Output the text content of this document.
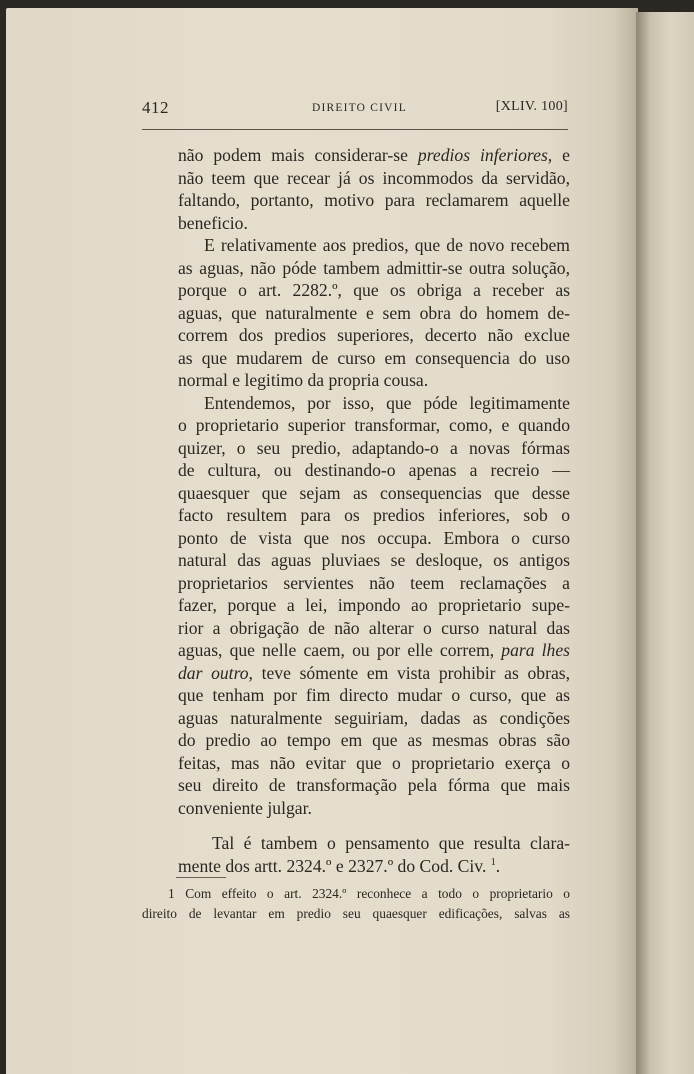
412	DIREITO CIVIL	[XLIV. 100]
não podem mais considerar-se predios inferiores, e
não teem que recear já os incommodos da servidão,
faltando, portanto, motivo para reclamarem aquelle
beneficio.
E relativamente aos predios, que de novo recebem
as aguas, não póde tambem admittir-se outra solução,
porque o art. 2282.º, que os obriga a receber as
aguas, que naturalmente e sem obra do homem de-
correm dos predios superiores, decerto não exclue
as que mudarem de curso em consequencia do uso
normal e legitimo da propria cousa.
Entendemos, por isso, que póde legitimamente
o proprietario superior transformar, como, e quando
quizer, o seu predio, adaptando-o a novas fórmas
de cultura, ou destinando-o apenas a recreio —
quaesquer que sejam as consequencias que desse
facto resultem para os predios inferiores, sob o
ponto de vista que nos occupa. Embora o curso
natural das aguas pluviaes se desloque, os antigos
proprietarios servientes não teem reclamações a
fazer, porque a lei, impondo ao proprietario supe-
rior a obrigação de não alterar o curso natural das
aguas, que nelle caem, ou por elle correm, para lhes
dar outro, teve sómente em vista prohibir as obras,
que tenham por fim directo mudar o curso, que as
aguas naturalmente seguiriam, dadas as condições
do predio ao tempo em que as mesmas obras são
feitas, mas não evitar que o proprietario exerça o
seu direito de transformação pela fórma que mais
conveniente julgar.
Tal é tambem o pensamento que resulta clara-
mente dos artt. 2324.º e 2327.º do Cod. Civ. $^1$.
1 Com effeito o art. 2324.º reconhece a todo o proprietario o
direito de levantar em predio seu quaesquer edificações, salvas as
